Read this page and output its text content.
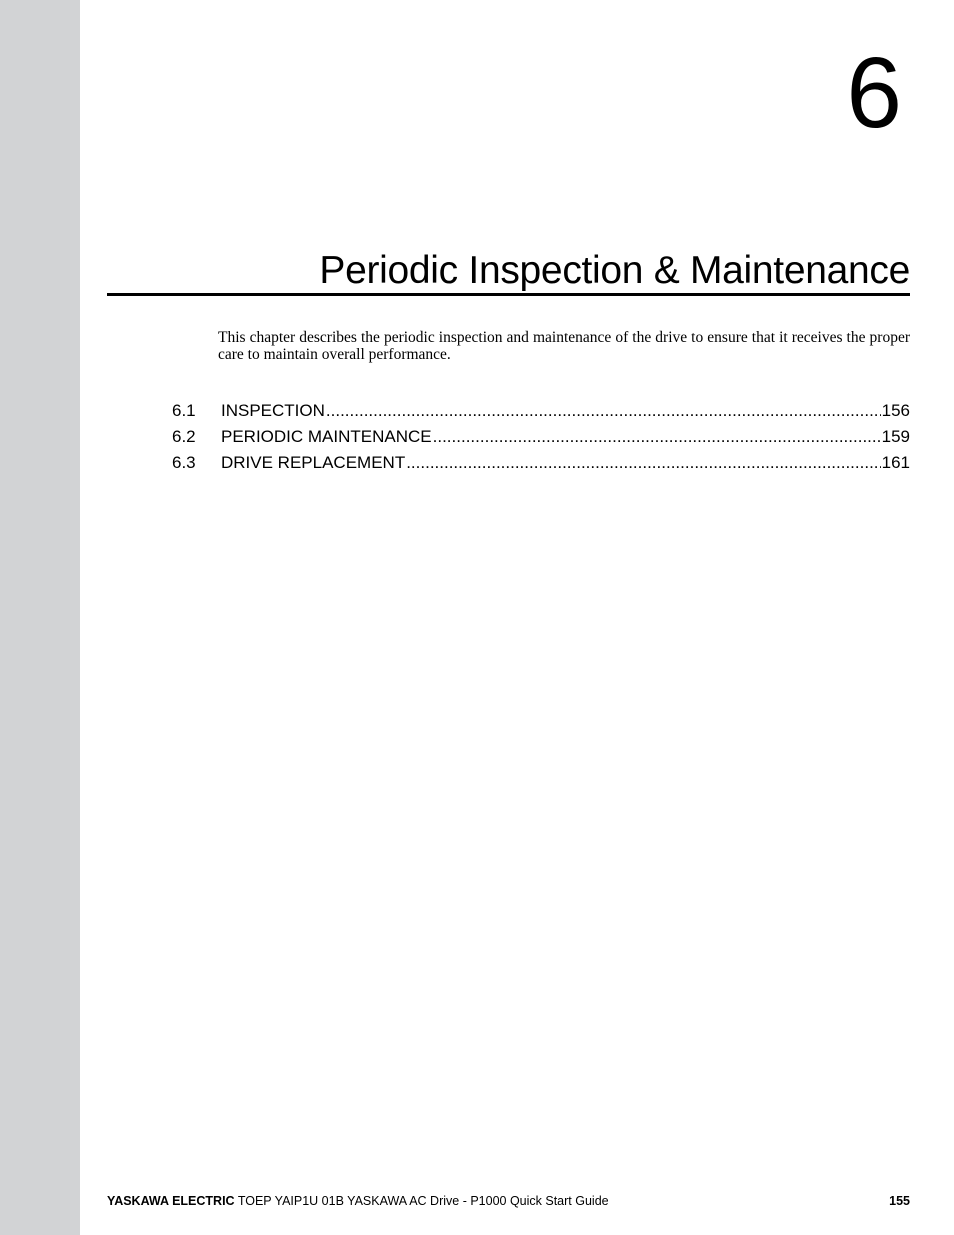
6
Periodic Inspection & Maintenance

This chapter describes the periodic inspection and maintenance of the drive to ensure that it receives the proper care to maintain overall performance.

6.1	INSPECTION .....	156
6.2	PERIODIC MAINTENANCE .....	159
6.3	DRIVE REPLACEMENT .....	161
YASKAWA ELECTRIC TOEP YAIP1U 01B YASKAWA AC Drive - P1000 Quick Start Guide	155
